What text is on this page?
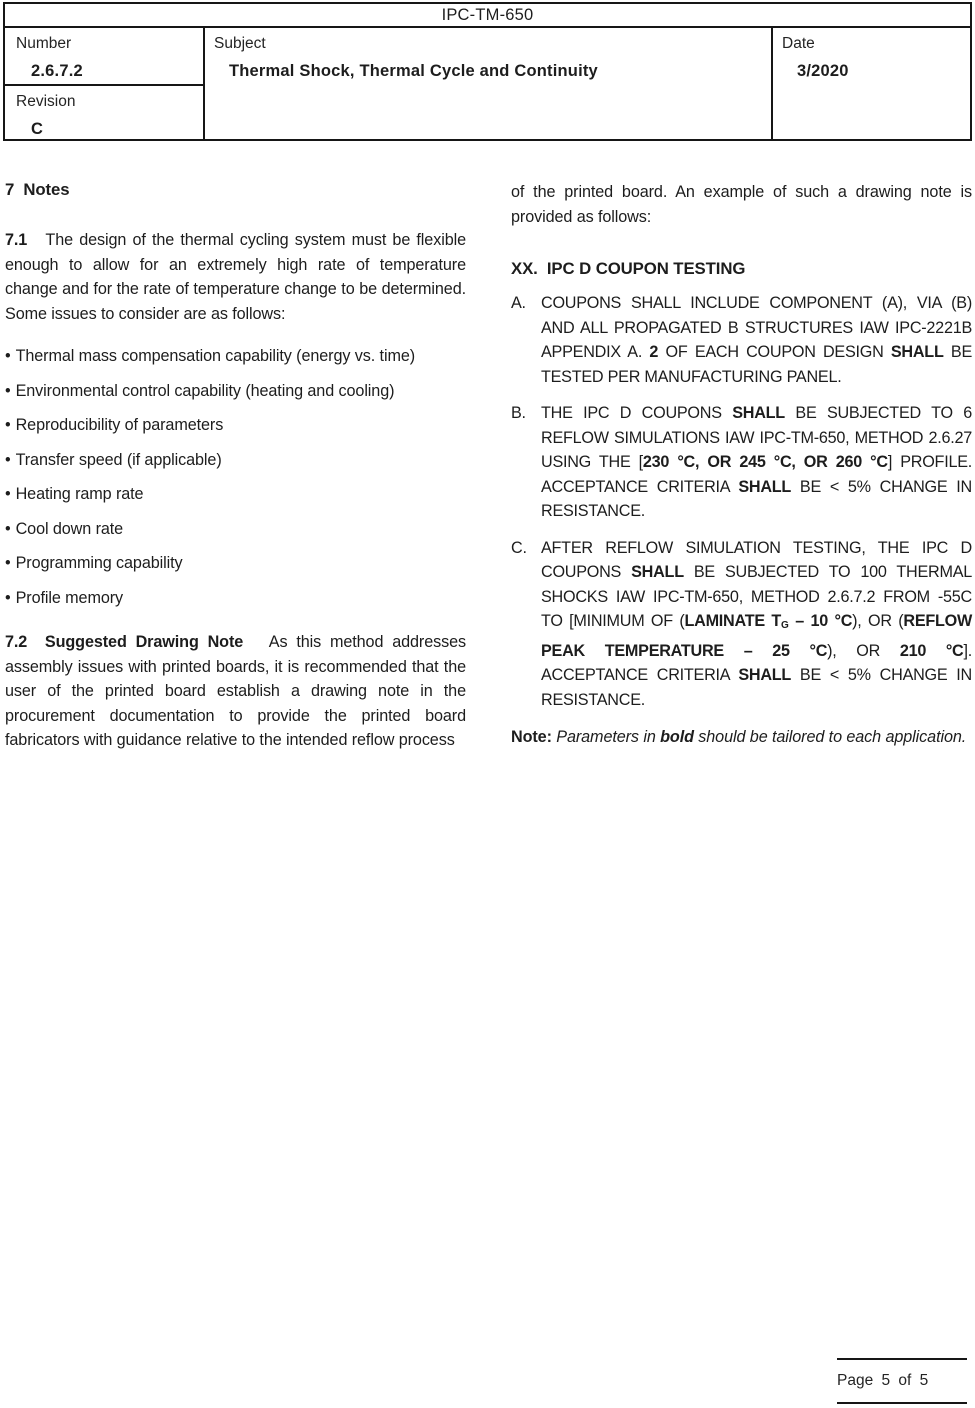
IPC-TM-650
Number
2.6.7.2
Revision
C
Subject
Thermal Shock, Thermal Cycle and Continuity
Date
3/2020
7  Notes

7.1   The design of the thermal cycling system must be flexible enough to allow for an extremely high rate of temperature change and for the rate of temperature change to be determined. Some issues to consider are as follows:

• Thermal mass compensation capability (energy vs. time)
• Environmental control capability (heating and cooling)
• Reproducibility of parameters
• Transfer speed (if applicable)
• Heating ramp rate
• Cool down rate
• Programming capability
• Profile memory

7.2  Suggested Drawing Note   As this method addresses assembly issues with printed boards, it is recommended that the user of the printed board establish a drawing note in the procurement documentation to provide the printed board fabricators with guidance relative to the intended reflow process

of the printed board. An example of such a drawing note is provided as follows:

XX.  IPC D COUPON TESTING
A. COUPONS SHALL INCLUDE COMPONENT (A), VIA (B) AND ALL PROPAGATED B STRUCTURES IAW IPC-2221B APPENDIX A. 2 OF EACH COUPON DESIGN SHALL BE TESTED PER MANUFACTURING PANEL.
B. THE IPC D COUPONS SHALL BE SUBJECTED TO 6 REFLOW SIMULATIONS IAW IPC-TM-650, METHOD 2.6.27 USING THE [230 °C, OR 245 °C, OR 260 °C] PROFILE. ACCEPTANCE CRITERIA SHALL BE < 5% CHANGE IN RESISTANCE.
C. AFTER REFLOW SIMULATION TESTING, THE IPC D COUPONS SHALL BE SUBJECTED TO 100 THERMAL SHOCKS IAW IPC-TM-650, METHOD 2.6.7.2 FROM -55C TO [MINIMUM OF (LAMINATE $T_G - 10$ °C), OR (REFLOW PEAK TEMPERATURE – 25 °C), OR 210 °C]. ACCEPTANCE CRITERIA SHALL BE < 5% CHANGE IN RESISTANCE.

Note: Parameters in bold should be tailored to each application.

Page 5 of 5
